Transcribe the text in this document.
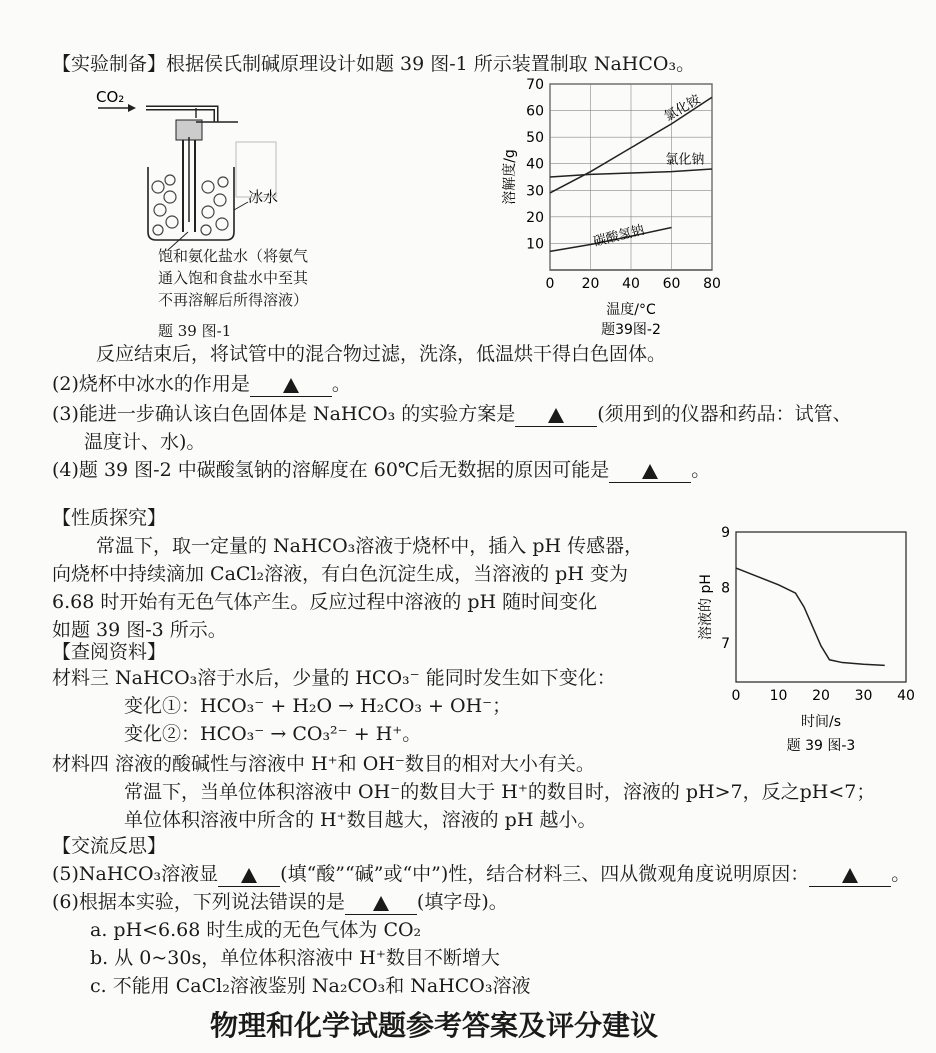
【实验制备】根据侯氏制碱原理设计如题 39 图-1 所示装置制取 NaHCO₃。
CO₂
冰水
饱和氨化盐水（将氨气
通入饱和食盐水中至其
不再溶解后所得溶液）
题 39 图-1
0 20 40 60 80
10
20
30
40
50
60
70
氯化铵
氯化钠
碳酸氢钠
温度/°C
溶解度/g
题39图-2
反应结束后，将试管中的混合物过滤，洗涤，低温烘干得白色固体。
(2)烧杯中冰水的作用是	。
(3)能进一步确认该白色固体是 NaHCO₃ 的实验方案是	(须用到的仪器和药品：试管、
温度计、水)。
(4)题 39 图-2 中碳酸氢钠的溶解度在 60℃后无数据的原因可能是	。
【性质探究】
常温下，取一定量的 NaHCO₃溶液于烧杯中，插入 pH 传感器，
向烧杯中持续滴加 CaCl₂溶液，有白色沉淀生成，当溶液的 pH 变为
6.68 时开始有无色气体产生。反应过程中溶液的 pH 随时间变化
如题 39 图-3 所示。
0 10 20 30 40
7
8
9
时间/s
溶液的 pH
题 39 图-3
【查阅资料】
材料三 NaHCO₃溶于水后，少量的 HCO₃⁻ 能同时发生如下变化：
变化①：HCO₃⁻ + H₂O → H₂CO₃ + OH⁻；
变化②：HCO₃⁻ → CO₃²⁻ + H⁺。
材料四 溶液的酸碱性与溶液中 H⁺和 OH⁻数目的相对大小有关。
常温下，当单位体积溶液中 OH⁻的数目大于 H⁺的数目时，溶液的 pH>7，反之pH<7；
单位体积溶液中所含的 H⁺数目越大，溶液的 pH 越小。
【交流反思】
(5)NaHCO₃溶液显	(填“酸”“碱”或“中”)性，结合材料三、四从微观角度说明原因：	。
(6)根据本实验，下列说法错误的是	(填字母)。
a. pH<6.68 时生成的无色气体为 CO₂
b. 从 0~30s，单位体积溶液中 H⁺数目不断增大
c. 不能用 CaCl₂溶液鉴别 Na₂CO₃和 NaHCO₃溶液
物理和化学试题参考答案及评分建议
